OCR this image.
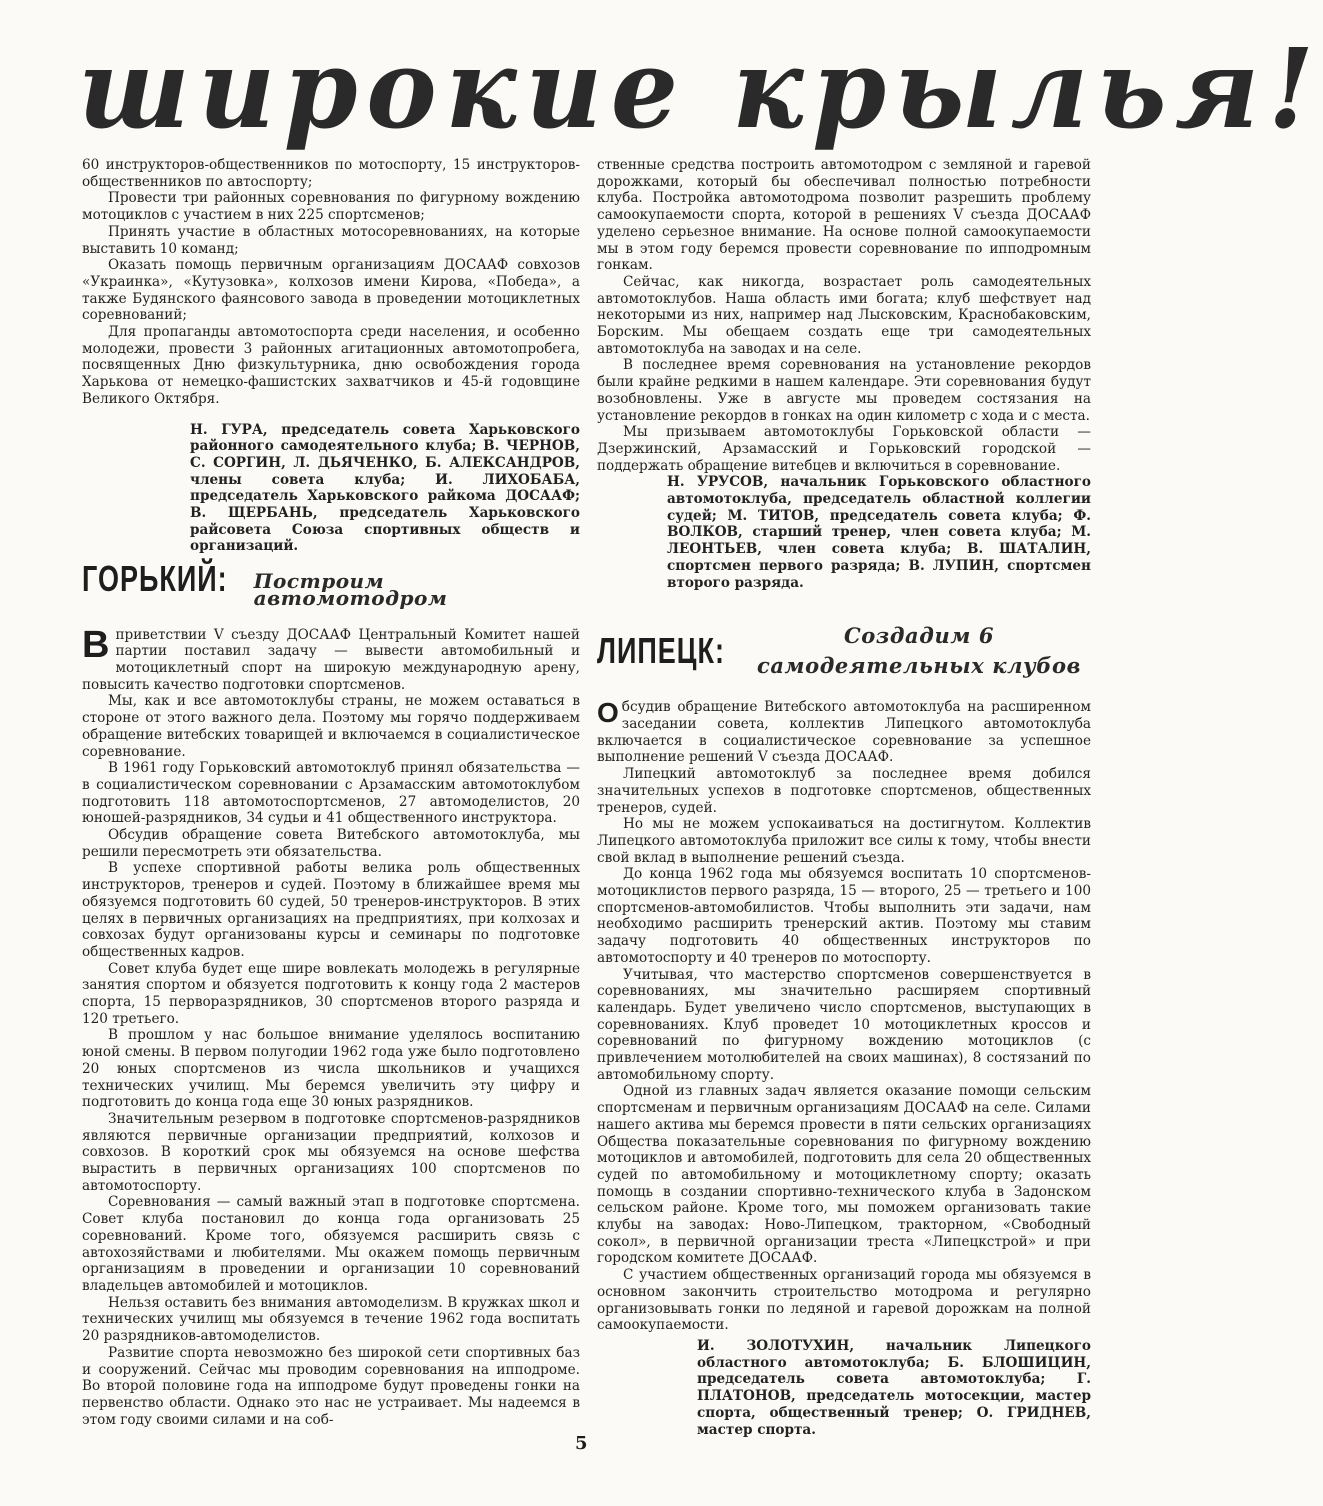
широкие крылья!

60 инструкторов-общественников по мотоспорту, 15 инструкторов-общественников по автоспорту;

Провести три районных соревнования по фигурному вождению мотоциклов с участием в них 225 спортсменов;

Принять участие в областных мотосоревнованиях, на которые выставить 10 команд;

Оказать помощь первичным организациям ДОСААФ совхозов «Украинка», «Кутузовка», колхозов имени Кирова, «Победа», а также Будянского фаянсового завода в проведении мотоциклетных соревнований;

Для пропаганды автомотоспорта среди населения, и особенно молодежи, провести 3 районных агитационных автомотопробега, посвященных Дню физкультурника, дню освобождения города Харькова от немецко-фашистских захватчиков и 45-й годовщине Великого Октября.

Н. ГУРА, председатель совета Харьковского районного самодеятельного клуба; В. ЧЕРНОВ, С. СОРГИН, Л. ДЬЯЧЕНКО, Б. АЛЕКСАНДРОВ, члены совета клуба; И. ЛИХОБАБА, председатель Харьковского райкома ДОСААФ; В. ЩЕРБАНЬ, председатель Харьковского райсовета Союза спортивных обществ и организаций.

ГОРЬКИЙ: Построим автомотодром

Вприветствии V съезду ДОСААФ Центральный Комитет нашей партии поставил задачу — вывести автомобильный и мотоциклетный спорт на широкую международную арену, повысить качество подготовки спортсменов.

Мы, как и все автомотоклубы страны, не можем оставаться в стороне от этого важного дела. Поэтому мы горячо поддерживаем обращение витебских товарищей и включаемся в социалистическое соревнование.

В 1961 году Горьковский автомотоклуб принял обязательства — в социалистическом соревновании с Арзамасским автомотоклубом подготовить 118 автомотоспортсменов, 27 автомоделистов, 20 юношей-разрядников, 34 судьи и 41 общественного инструктора.

Обсудив обращение совета Витебского автомотоклуба, мы решили пересмотреть эти обязательства.

В успехе спортивной работы велика роль общественных инструкторов, тренеров и судей. Поэтому в ближайшее время мы обязуемся подготовить 60 судей, 50 тренеров-инструкторов. В этих целях в первичных организациях на предприятиях, при колхозах и совхозах будут организованы курсы и семинары по подготовке общественных кадров.

Совет клуба будет еще шире вовлекать молодежь в регулярные занятия спортом и обязуется подготовить к концу года 2 мастеров спорта, 15 перворазрядников, 30 спортсменов второго разряда и 120 третьего.

В прошлом у нас большое внимание уделялось воспитанию юной смены. В первом полугодии 1962 года уже было подготовлено 20 юных спортсменов из числа школьников и учащихся технических училищ. Мы беремся увеличить эту цифру и подготовить до конца года еще 30 юных разрядников.

Значительным резервом в подготовке спортсменов-разрядников являются первичные организации предприятий, колхозов и совхозов. В короткий срок мы обязуемся на основе шефства вырастить в первичных организациях 100 спортсменов по автомотоспорту.

Соревнования — самый важный этап в подготовке спортсмена. Совет клуба постановил до конца года организовать 25 соревнований. Кроме того, обязуемся расширить связь с автохозяйствами и любителями. Мы окажем помощь первичным организациям в проведении и организации 10 соревнований владельцев автомобилей и мотоциклов.

Нельзя оставить без внимания автомоделизм. В кружках школ и технических училищ мы обязуемся в течение 1962 года воспитать 20 разрядников-автомоделистов.

Развитие спорта невозможно без широкой сети спортивных баз и сооружений. Сейчас мы проводим соревнования на ипподроме. Во второй половине года на ипподроме будут проведены гонки на первенство области. Однако это нас не устраивает. Мы надеемся в этом году своими силами и на соб-

ственные средства построить автомотодром с земляной и гаревой дорожками, который бы обеспечивал полностью потребности клуба. Постройка автомотодрома позволит разрешить проблему самоокупаемости спорта, которой в решениях V съезда ДОСААФ уделено серьезное внимание. На основе полной самоокупаемости мы в этом году беремся провести соревнование по ипподромным гонкам.

Сейчас, как никогда, возрастает роль самодеятельных автомотоклубов. Наша область ими богата; клуб шефствует над некоторыми из них, например над Лысковским, Краснобаковским, Борским. Мы обещаем создать еще три самодеятельных автомотоклуба на заводах и на селе.

В последнее время соревнования на установление рекордов были крайне редкими в нашем календаре. Эти соревнования будут возобновлены. Уже в августе мы проведем состязания на установление рекордов в гонках на один километр с хода и с места.

Мы призываем автомотоклубы Горьковской области — Дзержинский, Арзамасский и Горьковский городской — поддержать обращение витебцев и включиться в соревнование.

Н. УРУСОВ, начальник Горьковского областного автомотоклуба, председатель областной коллегии судей; М. ТИТОВ, председатель совета клуба; Ф. ВОЛКОВ, старший тренер, член совета клуба; М. ЛЕОНТЬЕВ, член совета клуба; В. ШАТАЛИН, спортсмен первого разряда; В. ЛУПИН, спортсмен второго разряда.

ЛИПЕЦК:	Создадим 6 самодеятельных клубов

Обсудив обращение Витебского автомотоклуба на расширенном заседании совета, коллектив Липецкого автомотоклуба включается в социалистическое соревнование за успешное выполнение решений V съезда ДОСААФ.

Липецкий автомотоклуб за последнее время добился значительных успехов в подготовке спортсменов, общественных тренеров, судей.

Но мы не можем успокаиваться на достигнутом. Коллектив Липецкого автомотоклуба приложит все силы к тому, чтобы внести свой вклад в выполнение решений съезда.

До конца 1962 года мы обязуемся воспитать 10 спортсменов-мотоциклистов первого разряда, 15 — второго, 25 — третьего и 100 спортсменов-автомобилистов. Чтобы выполнить эти задачи, нам необходимо расширить тренерский актив. Поэтому мы ставим задачу подготовить 40 общественных инструкторов по автомотоспорту и 40 тренеров по мотоспорту.

Учитывая, что мастерство спортсменов совершенствуется в соревнованиях, мы значительно расширяем спортивный календарь. Будет увеличено число спортсменов, выступающих в соревнованиях. Клуб проведет 10 мотоциклетных кроссов и соревнований по фигурному вождению мотоциклов (с привлечением мотолюбителей на своих машинах), 8 состязаний по автомобильному спорту.

Одной из главных задач является оказание помощи сельским спортсменам и первичным организациям ДОСААФ на селе. Силами нашего актива мы беремся провести в пяти сельских организациях Общества показательные соревнования по фигурному вождению мотоциклов и автомобилей, подготовить для села 20 общественных судей по автомобильному и мотоциклетному спорту; оказать помощь в создании спортивно-технического клуба в Задонском сельском районе. Кроме того, мы поможем организовать такие клубы на заводах: Ново-Липецком, тракторном, «Свободный сокол», в первичной организации треста «Липецкстрой» и при городском комитете ДОСААФ.

С участием общественных организаций города мы обязуемся в основном закончить строительство мотодрома и регулярно организовывать гонки по ледяной и гаревой дорожкам на полной самоокупаемости.

И. ЗОЛОТУХИН, начальник Липецкого областного автомотоклуба; Б. БЛОШИЦИН, председатель совета автомотоклуба; Г. ПЛАТОНОВ, председатель мотосекции, мастер спорта, общественный тренер; О. ГРИДНЕВ, мастер спорта.

5
